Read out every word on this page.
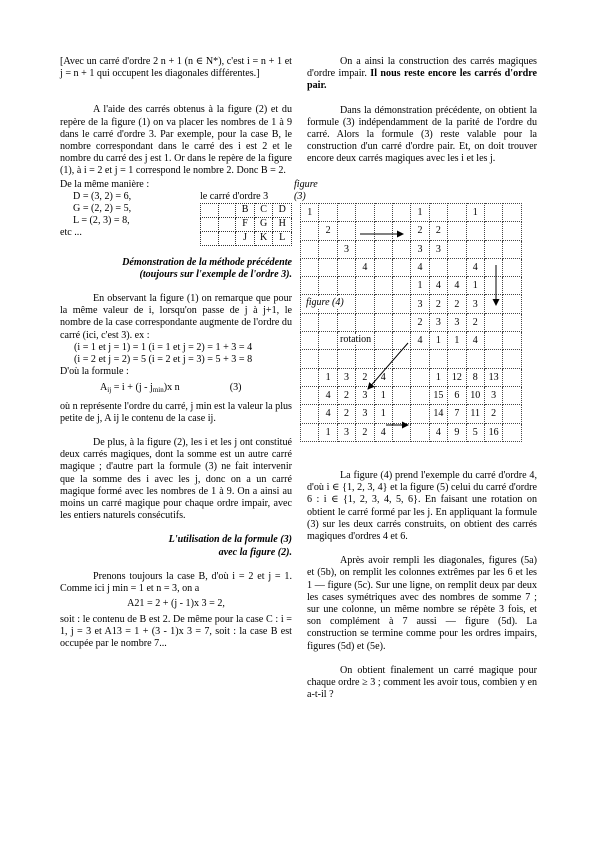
[Avec un carré d'ordre 2 n + 1 (n ∈ N*), c'est i = n + 1 et j = n + 1 qui occupent les diagonales différentes.]

A l'aide des carrés obtenus à la figure (2) et du repère de la figure (1) on va placer les nombres de 1 à 9 dans le carré d'ordre 3. Par exemple, pour la case B, le nombre correspondant dans le carré des i est 2 et le nombre du carré des j est 1. Or dans le repère de la figure (1), à i = 2 et j = 1 correspond le nombre 2. Donc B = 2.

De la même manière :
D = (3, 2) = 6,
G = (2, 2) = 5,
L = (2, 3) = 8,
etc ...
figure (3)
le carré d'ordre 3
		B	C	D
		F	G	H
		J	K	L

Démonstration de la méthode précédente

(toujours sur l'exemple de l'ordre 3).

En observant la figure (1) on remarque que pour la même valeur de i, lorsqu'on passe de j à j+1, le nombre de la case correspondante augmente de l'ordre du carré (ici, c'est 3). ex :

(i = 1 et j = 1) = 1 (i = 1 et j = 2) = 1 + 3 = 4

(i = 2 et j = 2) = 5 (i = 2 et j = 3) = 5 + 3 = 8

D'où la formule :

$A_{ij} = i + (j - j_{min})x$ n	(3)

où n représente l'ordre du carré, j min est la valeur la plus petite de j, A ij le contenu de la case ij.

De plus, à la figure (2), les i et les j ont constitué deux carrés magiques, dont la somme est un autre carré magique ; d'autre part la formule (3) ne fait intervenir que la somme des i avec les j, donc on a un carré magique formé avec les nombres de 1 à 9. On a ainsi au moins un carré magique pour chaque ordre impair, avec les entiers naturels consécutifs.

L'utilisation de la formule (3)

avec la figure (2).

Prenons toujours la case B, d'où i = 2 et j = 1. Comme ici j min = 1 et n = 3, on a

A21 = 2 + (j - 1)x 3 = 2,

soit : le contenu de B est 2. De même pour la case C : i = 1, j = 3 et A13 = 1 + (3 - 1)x 3 = 7, soit : la case B est occupée par le nombre 7...

On a ainsi la construction des carrés magiques d'ordre impair. Il nous reste encore les carrés d'ordre pair.

Dans la démonstration précédente, on obtient la formule (3) indépendamment de la parité de l'ordre du carré. Alors la formule (3) reste valable pour la construction d'un carré d'ordre pair. Et, on doit trouver encore deux carrés magiques avec les i et les j.

1						1			1		
	2					2	2				
		3				3	3				
			4			4			4		
						1	4	4	1		
						3	2	2	3		
						2	3	3	2		
						4	1	1	4		

	1	3	2	4			1	12	8	13	
	4	2	3	1			15	6	10	3	
	4	2	3	1			14	7	11	2	
	1	3	2	4			4	9	5	16	
figure (4)
rotation

La figure (4) prend l'exemple du carré d'ordre 4, d'où i ∈ {1, 2, 3, 4} et la figure (5) celui du carré d'ordre 6 : i ∈ {1, 2, 3, 4, 5, 6}. En faisant une rotation on obtient le carré formé par les j. En appliquant la formule (3) sur les deux carrés construits, on obtient des carrés magiques d'ordres 4 et 6.

Après avoir rempli les diagonales, figures (5a) et (5b), on remplit les colonnes extrêmes par les 6 et les 1 — figure (5c). Sur une ligne, on remplit deux par deux les cases symétriques avec des nombres de somme 7 ; sur une colonne, un même nombre se répète 3 fois, et son complément à 7 aussi — figure (5d). La construction se termine comme pour les ordres impairs, figures (5d) et (5e).

On obtient finalement un carré magique pour chaque ordre ≥ 3 ; comment les avoir tous, combien y en a-t-il ?
